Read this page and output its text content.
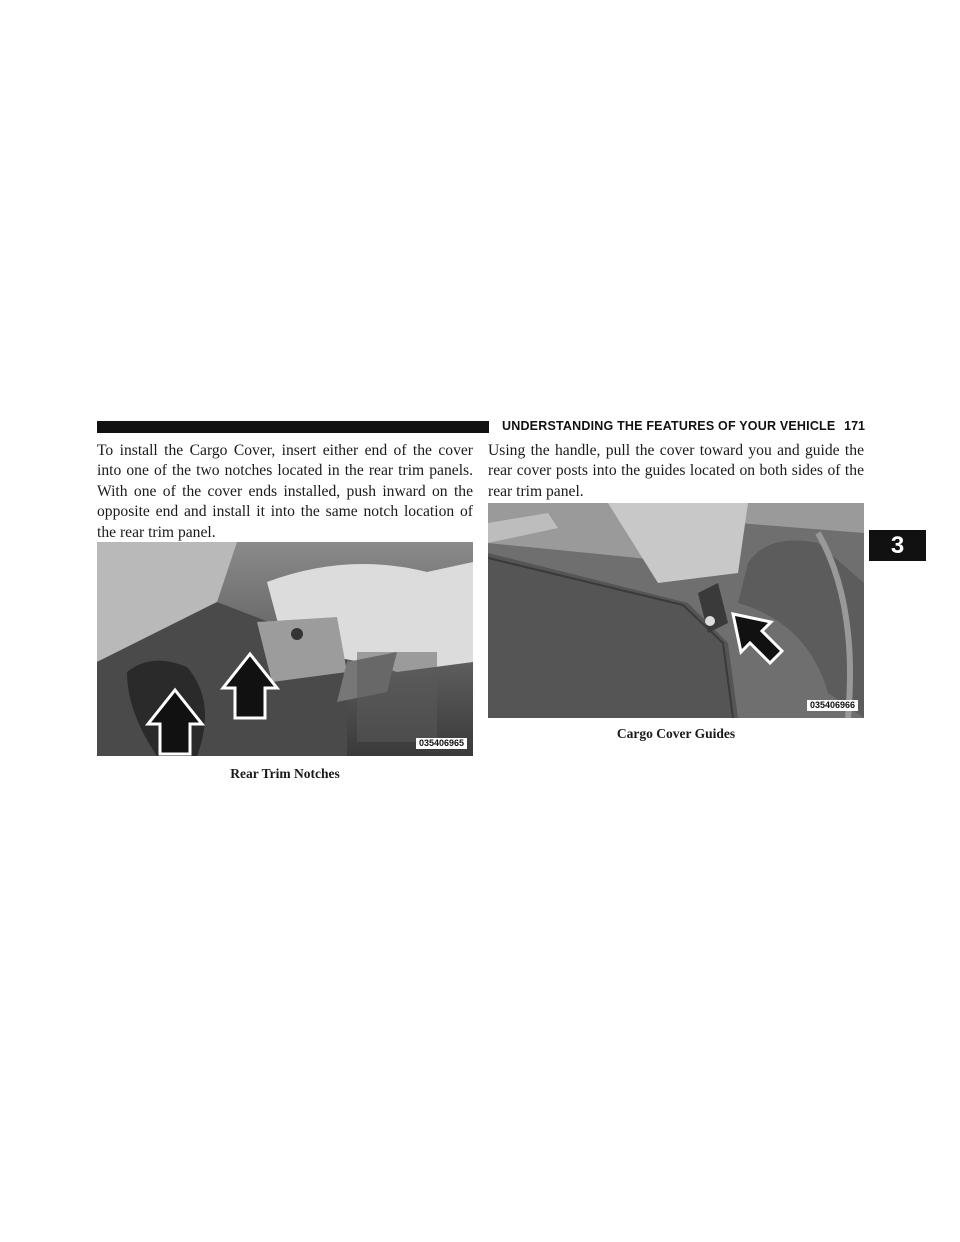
UNDERSTANDING THE FEATURES OF YOUR VEHICLE 171
3

To install the Cargo Cover, insert either end of the cover into one of the two notches located in the rear trim panels. With one of the cover ends installed, push inward on the opposite end and install it into the same notch location of the rear trim panel.

035406965
Rear Trim Notches

Using the handle, pull the cover toward you and guide the rear cover posts into the guides located on both sides of the rear trim panel.

035406966
Cargo Cover Guides
